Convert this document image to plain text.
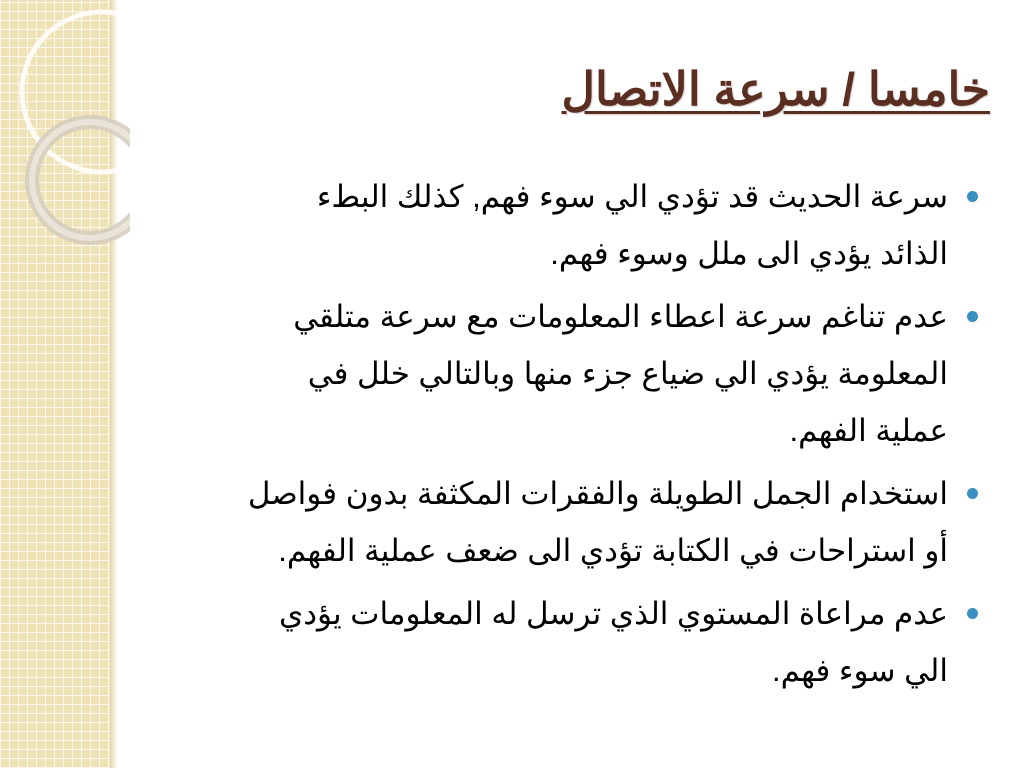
خامسا / سرعة الاتصال
سرعة الحديث قد تؤدي الي سوء فهم, كذلك البطء
الذائد يؤدي الى ملل وسوء فهم.
عدم تناغم سرعة اعطاء المعلومات مع سرعة متلقي
المعلومة يؤدي الي ضياع جزء منها وبالتالي خلل في
عملية الفهم.
استخدام الجمل الطويلة والفقرات المكثفة بدون فواصل
أو استراحات في الكتابة تؤدي الى ضعف عملية الفهم.
عدم مراعاة المستوي الذي ترسل له المعلومات يؤدي
الي سوء فهم.
